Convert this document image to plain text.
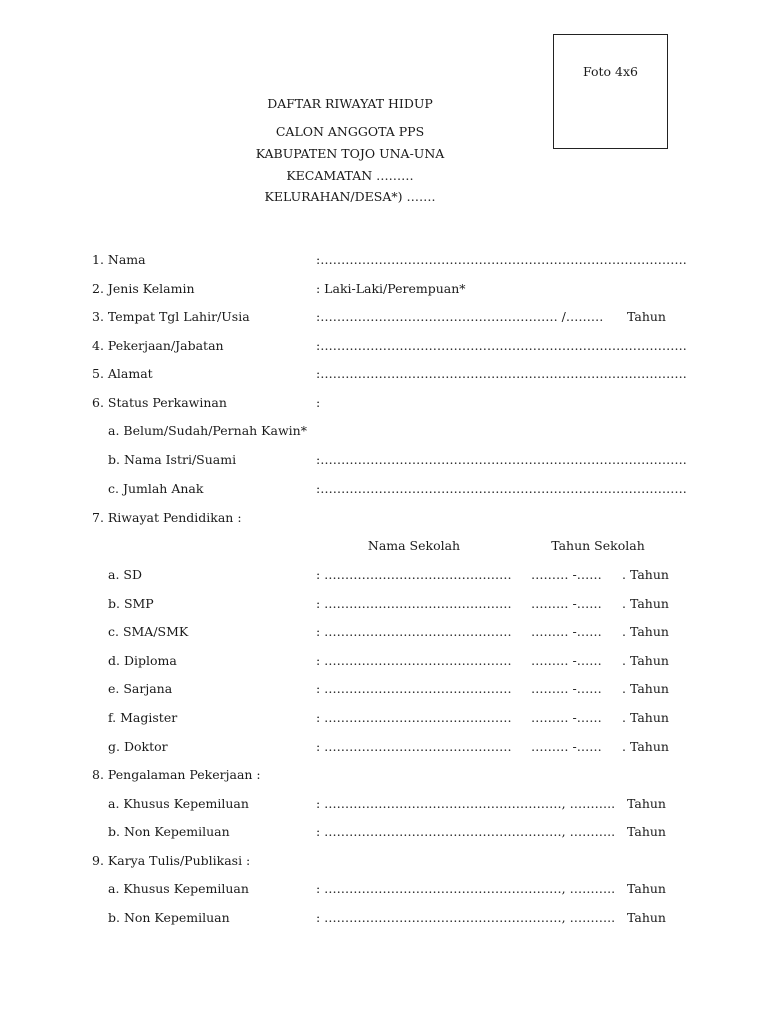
Foto 4x6
DAFTAR RIWAYAT HIDUP
CALON ANGGOTA PPS
KABUPATEN TOJO UNA-UNA
KECAMATAN ………
KELURAHAN/DESA*) …….
1. Nama	:…………………………………………………………………………….
2. Jenis Kelamin	: Laki-Laki/Perempuan*
3. Tempat Tgl Lahir/Usia	:………………………………………………… /……… Tahun
4. Pekerjaan/Jabatan	:…………………………………………………………………………….
5. Alamat	:…………………………………………………………………………….
6. Status Perkawinan	:
a. Belum/Sudah/Pernah Kawin*
b. Nama Istri/Suami	:…………………………………………………………………………….
c. Jumlah Anak	:…………………………………………………………………………….
7. Riwayat Pendidikan :
Nama Sekolah	Tahun Sekolah
a. SD	: ……………………………………… ……… -…… . Tahun
b. SMP	: ……………………………………… ……… -…… . Tahun
c. SMA/SMK	: ……………………………………… ……… -…… . Tahun
d. Diploma	: ……………………………………… ……… -…… . Tahun
e. Sarjana	: ……………………………………… ……… -…… . Tahun
f. Magister	: ……………………………………… ……… -…… . Tahun
g. Doktor	: ……………………………………… ……… -…… . Tahun
8. Pengalaman Pekerjaan :
a. Khusus Kepemiluan	: …………………………………………………, ……….. Tahun
b. Non Kepemiluan	: …………………………………………………, ……….. Tahun
9. Karya Tulis/Publikasi :
a. Khusus Kepemiluan	: …………………………………………………, ……….. Tahun
b. Non Kepemiluan	: …………………………………………………, ……….. Tahun
